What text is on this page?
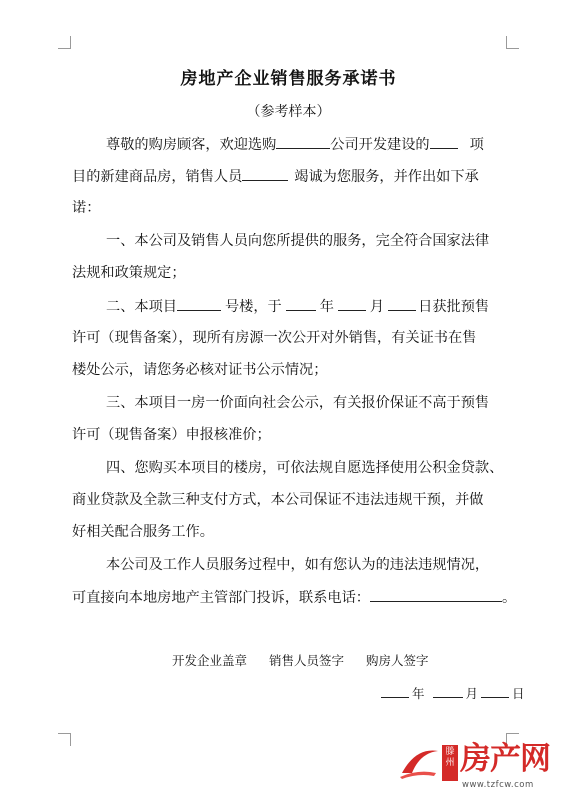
房地产企业销售服务承诺书
（参考样本）
尊敬的购房顾客，欢迎选购	公司开发建设的	项
目的新建商品房，销售人员	竭诚为您服务，并作出如下承
诺：
一、本公司及销售人员向您所提供的服务，完全符合国家法律
法规和政策规定；
二、本项目	号楼，于	年	月 日获批预售
许可（现售备案），现所有房源一次公开对外销售，有关证书在售
楼处公示，请您务必核对证书公示情况；
三、本项目一房一价面向社会公示，有关报价保证不高于预售
许可（现售备案）申报核准价；
四、您购买本项目的楼房，可依法规自愿选择使用公积金贷款、
商业贷款及全款三种支付方式，本公司保证不违法违规干预，并做
好相关配合服务工作。
本公司及工作人员服务过程中，如有您认为的违法违规情况，
可直接向本地房地产主管部门投诉，联系电话：	。
开发企业盖章 销售人员签字 购房人签字
年	月	日
滕州 房产网
www.tzfcw.com
